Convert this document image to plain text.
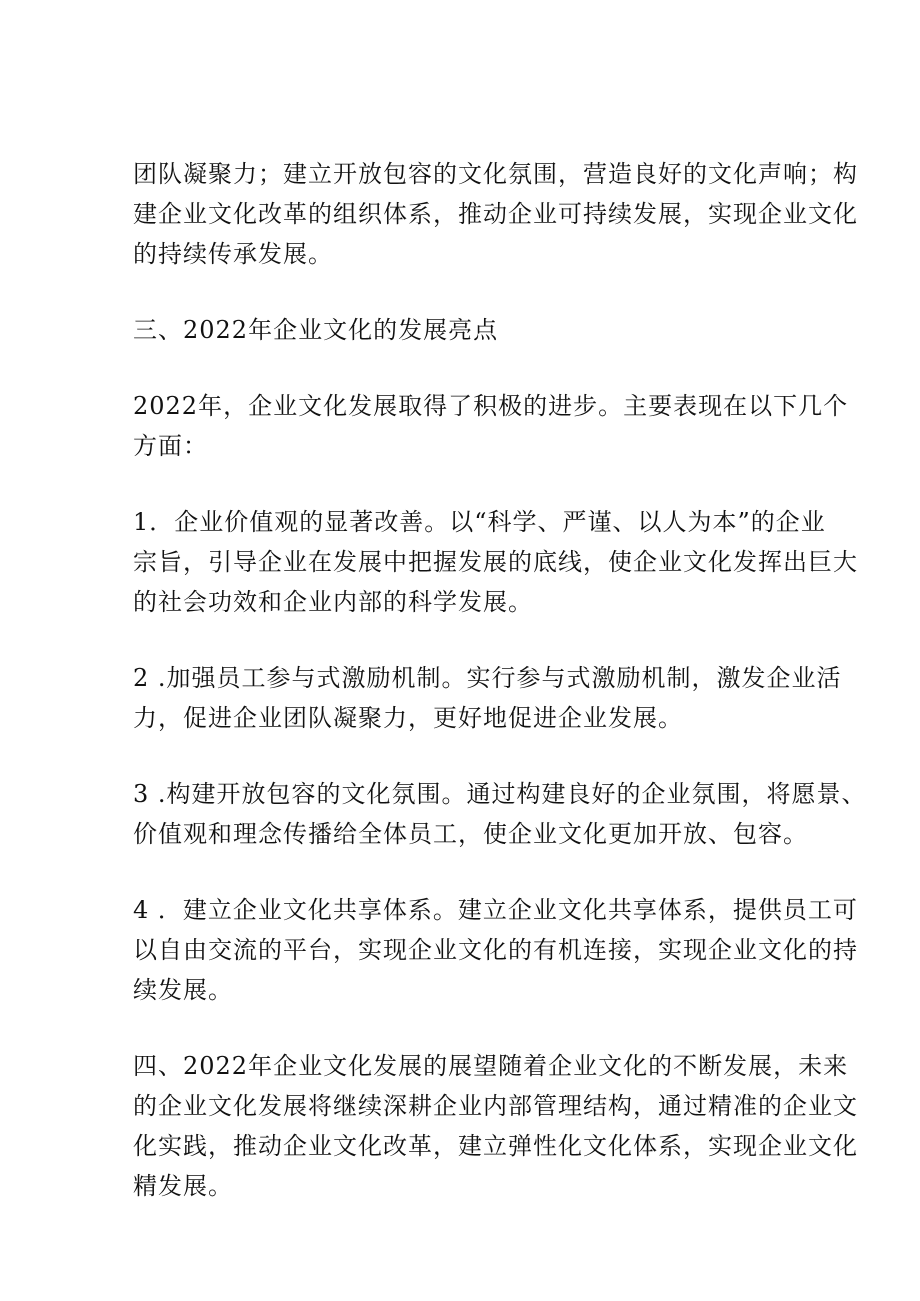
团队凝聚力；建立开放包容的文化氛围，营造良好的文化声响；构
建企业文化改革的组织体系，推动企业可持续发展，实现企业文化
的持续传承发展。

三、2022年企业文化的发展亮点

2022年，企业文化发展取得了积极的进步。主要表现在以下几个
方面：

1．企业价值观的显著改善。以“科学、严谨、以人为本”的企业
宗旨，引导企业在发展中把握发展的底线，使企业文化发挥出巨大
的社会功效和企业内部的科学发展。

2 .加强员工参与式激励机制。实行参与式激励机制，激发企业活
力，促进企业团队凝聚力，更好地促进企业发展。

3 .构建开放包容的文化氛围。通过构建良好的企业氛围，将愿景、
价值观和理念传播给全体员工，使企业文化更加开放、包容。

4 ．建立企业文化共享体系。建立企业文化共享体系，提供员工可
以自由交流的平台，实现企业文化的有机连接，实现企业文化的持
续发展。

四、2022年企业文化发展的展望随着企业文化的不断发展，未来
的企业文化发展将继续深耕企业内部管理结构，通过精准的企业文
化实践，推动企业文化改革，建立弹性化文化体系，实现企业文化
精发展。
